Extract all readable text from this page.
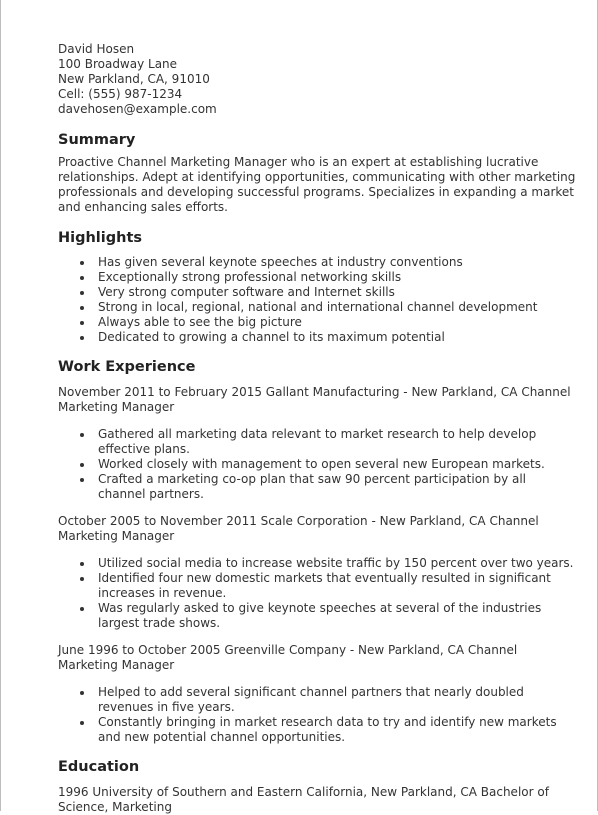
David Hosen
100 Broadway Lane
New Parkland, CA, 91010
Cell: (555) 987-1234
davehosen@example.com
Summary

Proactive Channel Marketing Manager who is an expert at establishing lucrative relationships. Adept at identifying opportunities, communicating with other marketing professionals and developing successful programs. Specializes in expanding a market and enhancing sales efforts.

Highlights
Has given several keynote speeches at industry conventions
Exceptionally strong professional networking skills
Very strong computer software and Internet skills
Strong in local, regional, national and international channel development
Always able to see the big picture
Dedicated to growing a channel to its maximum potential
Work Experience

November 2011 to February 2015 Gallant Manufacturing - New Parkland, CA Channel Marketing Manager

Gathered all marketing data relevant to market research to help develop effective plans.
Worked closely with management to open several new European markets.
Crafted a marketing co-op plan that saw 90 percent participation by all channel partners.

October 2005 to November 2011 Scale Corporation - New Parkland, CA Channel Marketing Manager

Utilized social media to increase website traffic by 150 percent over two years.
Identified four new domestic markets that eventually resulted in significant increases in revenue.
Was regularly asked to give keynote speeches at several of the industries largest trade shows.

June 1996 to October 2005 Greenville Company - New Parkland, CA Channel Marketing Manager

Helped to add several significant channel partners that nearly doubled revenues in five years.
Constantly bringing in market research data to try and identify new markets and new potential channel opportunities.
Education

1996 University of Southern and Eastern California, New Parkland, CA Bachelor of Science, Marketing
